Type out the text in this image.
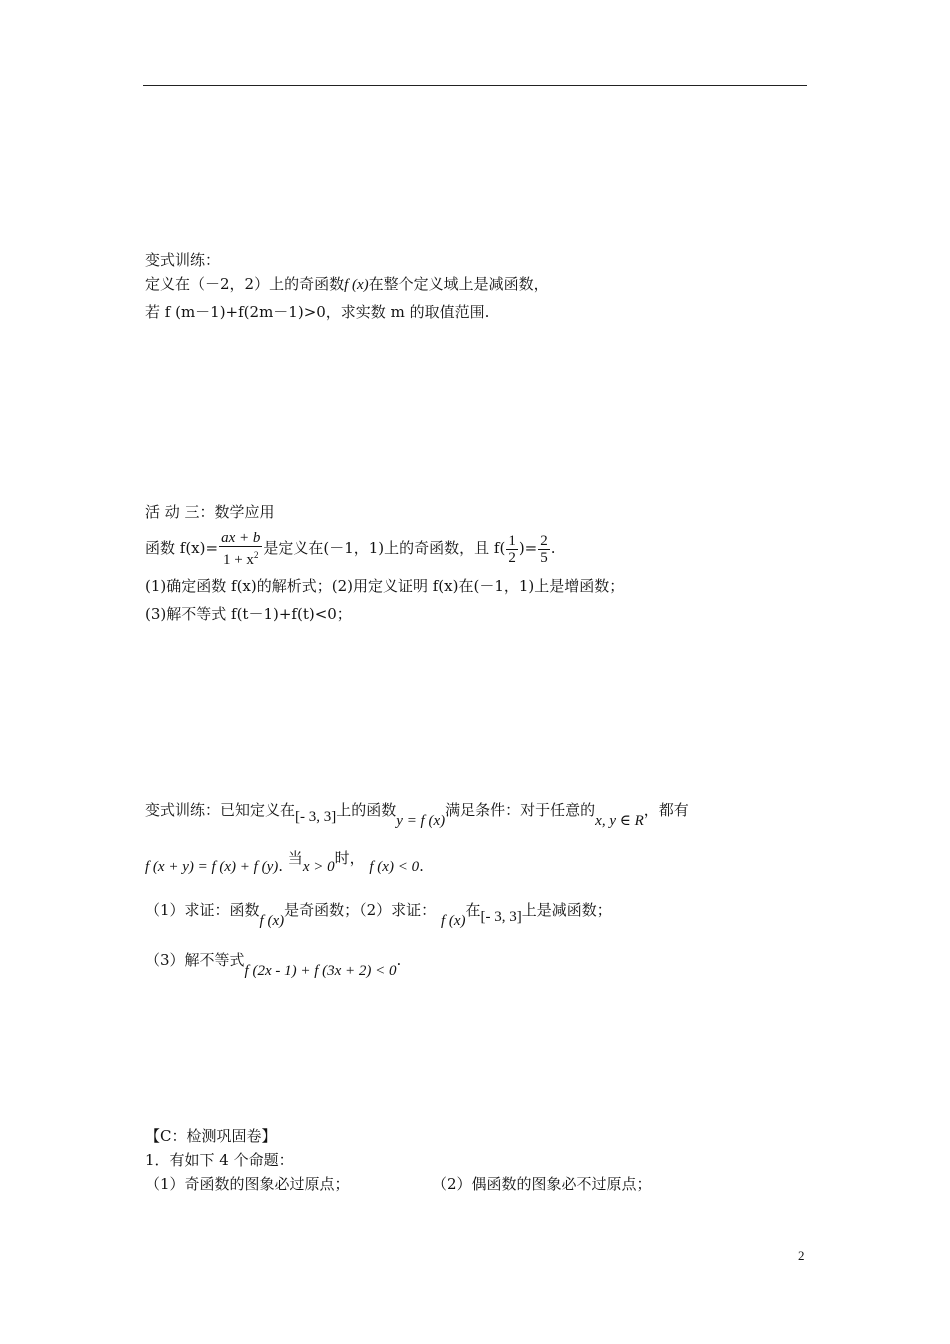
变式训练：
定义在（－2，2）上的奇函数f (x)在整个定义域上是减函数，
若 f (m－1)+f(2m－1)>0，求实数 m 的取值范围.
活 动 三：数学应用
函数 $f(x)= \frac{ax + b}{1 + x^2}$ 是定义在(－1，1)上的奇函数，且 $f( \frac{1}{2}$ )= $\frac{2}{5}$ .
(1)确定函数 f(x)的解析式；(2)用定义证明 f(x)在(－1，1)上是增函数；
(3)解不等式 f(t－1)+f(t)<0；
变式训练：已知定义在[- 3, 3]上的函数y = f (x)满足条件：对于任意的x, y ∈ R，都有
f (x + y) = f (x) + f (y). 当x > 0时， f (x) < 0.
（1）求证：函数f (x)是奇函数；（2）求证： f (x)在[- 3, 3]上是减函数；
（3）解不等式f (2x - 1) + f (3x + 2) < 0.
【C：检测巩固卷】
1．有如下 4 个命题：
（1）奇函数的图象必过原点；	（2）偶函数的图象必不过原点；
2
